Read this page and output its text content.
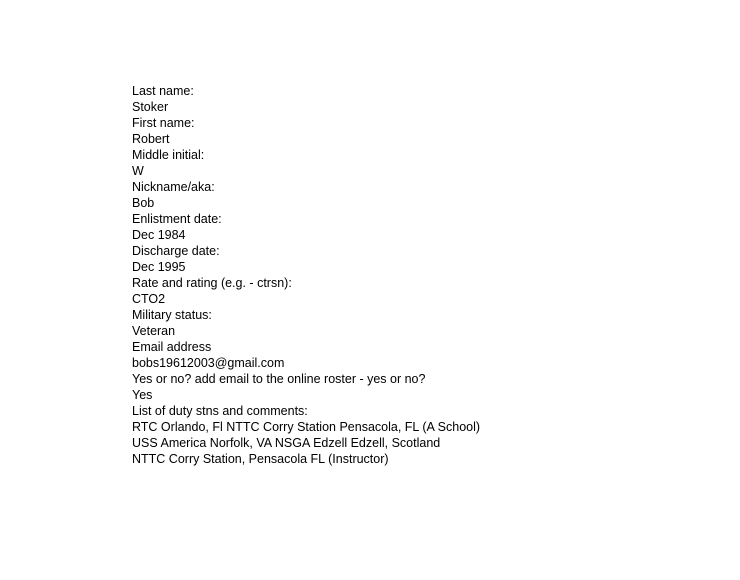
Last name:
Stoker
First name:
Robert
Middle initial:
W
Nickname/aka:
Bob
Enlistment date:
Dec 1984
Discharge date:
Dec 1995
Rate and rating (e.g. - ctrsn):
CTO2
Military status:
Veteran
Email address
bobs19612003@gmail.com
Yes or no? add email to the online roster - yes or no?
Yes
List of duty stns and comments:
RTC Orlando, Fl NTTC Corry Station Pensacola, FL (A School)
USS America Norfolk, VA NSGA Edzell Edzell, Scotland
NTTC Corry Station, Pensacola FL (Instructor)
